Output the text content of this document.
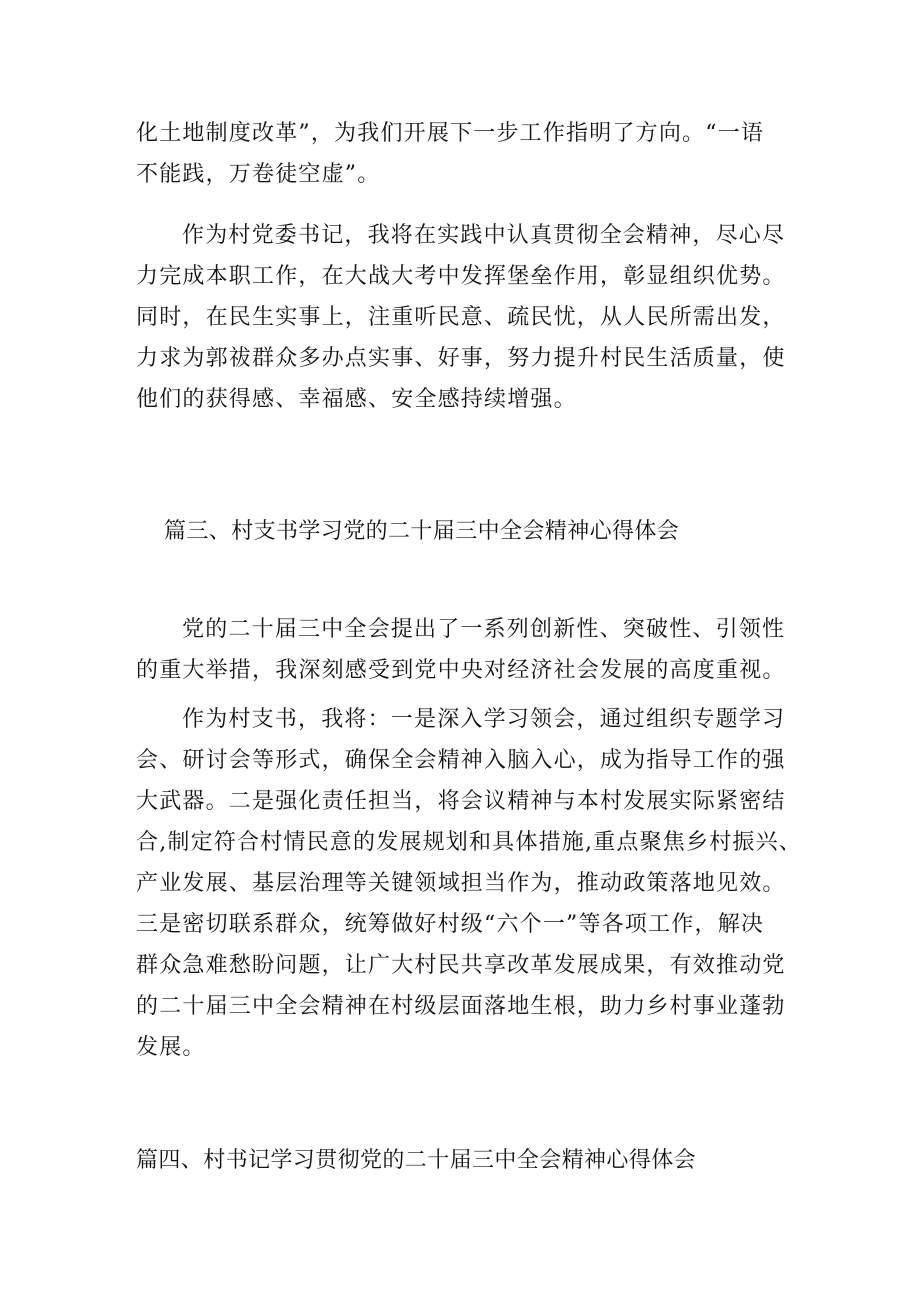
化土地制度改革”，为我们开展下一步工作指明了方向。“一语
不能践，万卷徒空虚”。
作为村党委书记，我将在实践中认真贯彻全会精神，尽心尽
力完成本职工作，在大战大考中发挥堡垒作用，彰显组织优势。
同时，在民生实事上，注重听民意、疏民忧，从人民所需出发，
力求为郭祓群众多办点实事、好事，努力提升村民生活质量，使
他们的获得感、幸福感、安全感持续增强。
篇三、村支书学习党的二十届三中全会精神心得体会
党的二十届三中全会提出了一系列创新性、突破性、引领性
的重大举措，我深刻感受到党中央对经济社会发展的高度重视。
作为村支书，我将：一是深入学习领会，通过组织专题学习
会、研讨会等形式，确保全会精神入脑入心，成为指导工作的强
大武器。二是强化责任担当，将会议精神与本村发展实际紧密结
合,制定符合村情民意的发展规划和具体措施,重点聚焦乡村振兴、
产业发展、基层治理等关键领域担当作为，推动政策落地见效。
三是密切联系群众，统筹做好村级“六个一”等各项工作，解决
群众急难愁盼问题，让广大村民共享改革发展成果，有效推动党
的二十届三中全会精神在村级层面落地生根，助力乡村事业蓬勃
发展。
篇四、村书记学习贯彻党的二十届三中全会精神心得体会
